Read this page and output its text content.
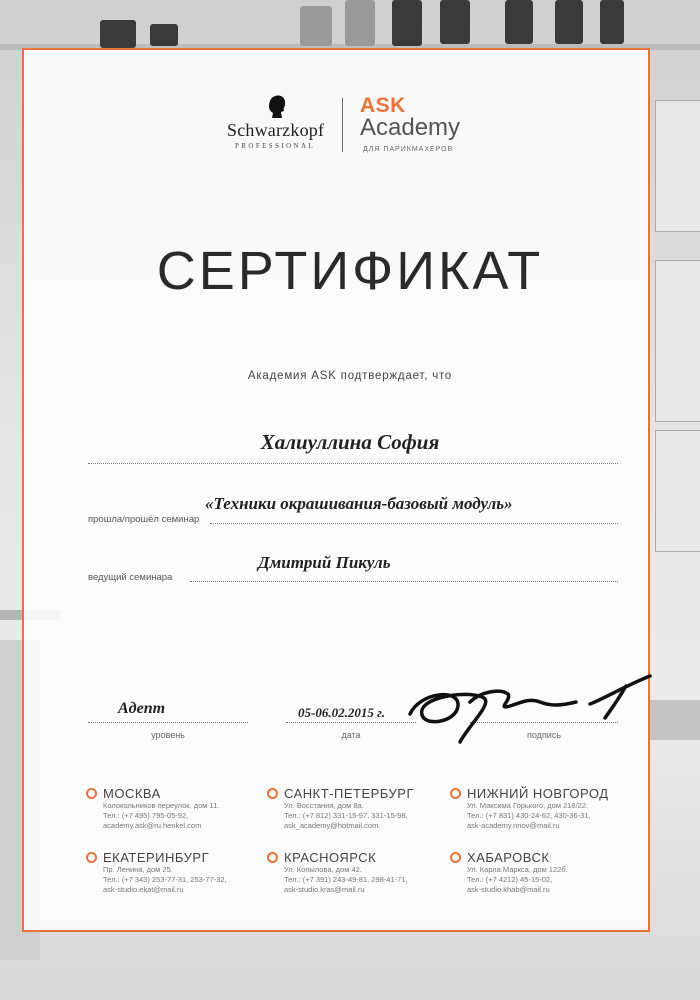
Schwarzkopf
PROFESSIONAL
ASK
Academy
ДЛЯ ПАРИКМАХЕРОВ
СЕРТИФИКАТ
Академия ASK подтверждает, что
Халиуллина София
«Техники окрашивания-базовый модуль»
прошла/прошёл семинар
Дмитрий Пикуль
ведущий семинара
Адепт
уровень
05-06.02.2015 г.
дата	подпись
МОСКВА
Колокольников переулок, дом 11.
Тел.: (+7 495) 795-05-92,
academy.ask@ru.henkel.com
САНКТ-ПЕТЕРБУРГ
Ул. Восстания, дом 8а.
Тел.: (+7 812) 331-15-97, 331-15-98,
ask_academy@hotmail.com
НИЖНИЙ НОВГОРОД
Ул. Максима Горького, дом 218/22.
Тел.: (+7 831) 430-24-62, 430-36-31,
ask-academy.nnov@mail.ru
ЕКАТЕРИНБУРГ
Пр. Ленина, дом 25.
Тел.: (+7 343) 253-77-31, 253-77-32,
ask-studio.ekat@mail.ru
КРАСНОЯРСК
Ул. Копылова, дом 42.
Тел.: (+7 391) 243-49-81, 298-41-71,
ask-studio.kras@mail.ru
ХАБАРОВСК
Ул. Карла Маркса, дом 122б.
Тел.: (+7 4212) 45-15-02,
ask-studio.khab@mail.ru
